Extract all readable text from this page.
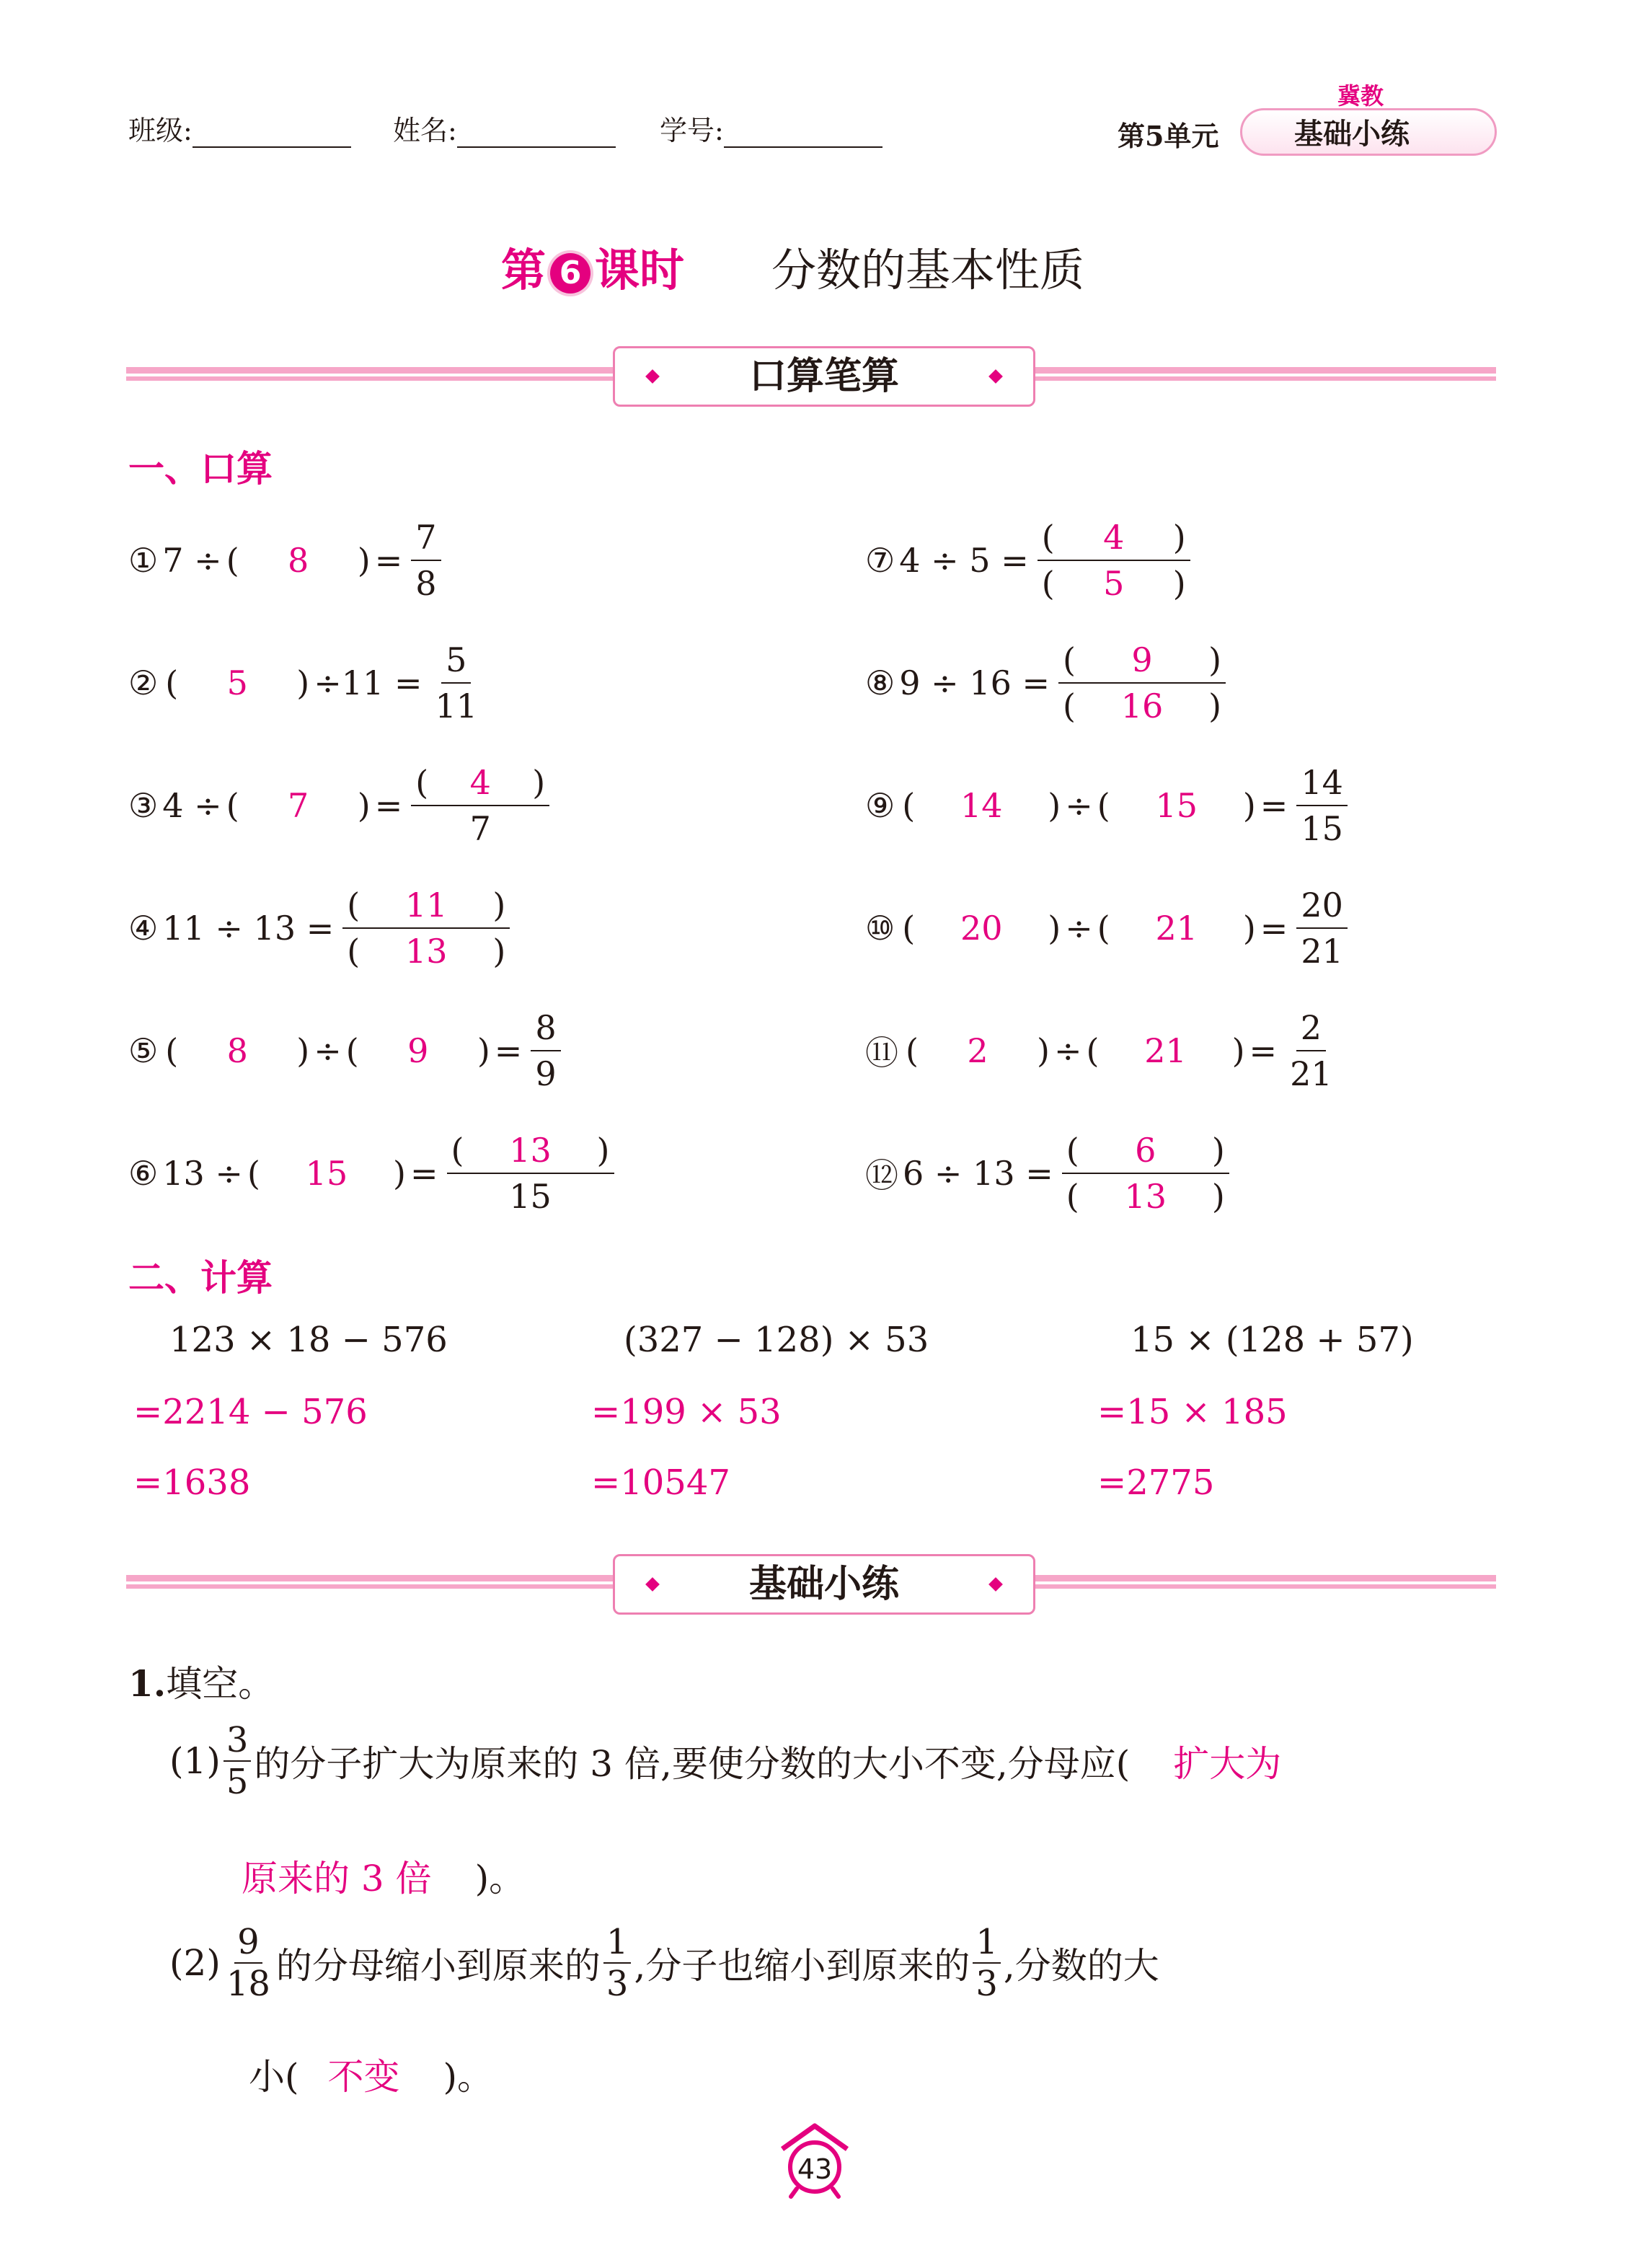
班级:	姓名:	学号:	第5单元
冀教
基础小练
第 6 课时 分数的基本性质
口算笔算
一、口算
① 7 ÷ (	8	) = $\frac{7}{8}$
② (	5	) $\div 11 = \frac{5}{11}$
③ 4 ÷ (	7	) = (	4	)
7
④ 11 ÷ 13 = (	11	)
(	13	)
⑤ (	8	) ÷ (	9	) = $\frac{8}{9}$
⑥ 13 ÷ (	15	) = (	13	)
15
⑦ 4 ÷ 5 = (	4	)
(	5	)
⑧ 9 ÷ 16 = (	9	)
(	16	)
⑨ (	14	) ÷ (	15	) = $\frac{14}{15}$
⑩ (	20	) ÷ (	21	) = $\frac{20}{21}$
⑪ (	2	) ÷ (	21	) = $\frac{2}{21}$
⑫ 6 ÷ 13 = (	6	)
(	13	)
二、计算
123 × 18 − 576
=2214 − 576
=1638
(327 − 128) × 53
=199 × 53
=10547
15 × (128 + 57)
=15 × 185
=2775
基础小练
1.填空。
(1) 3
5 的分子扩大为原来的 3 倍,要使分数的大小不变,分母应( 扩大为
原来的 3 倍 )。
(2) 9
18 的分母缩小到原来的
1
3 ,分子也缩小到原来的
1
3 ,分数的大
小( 不变 )。
43
